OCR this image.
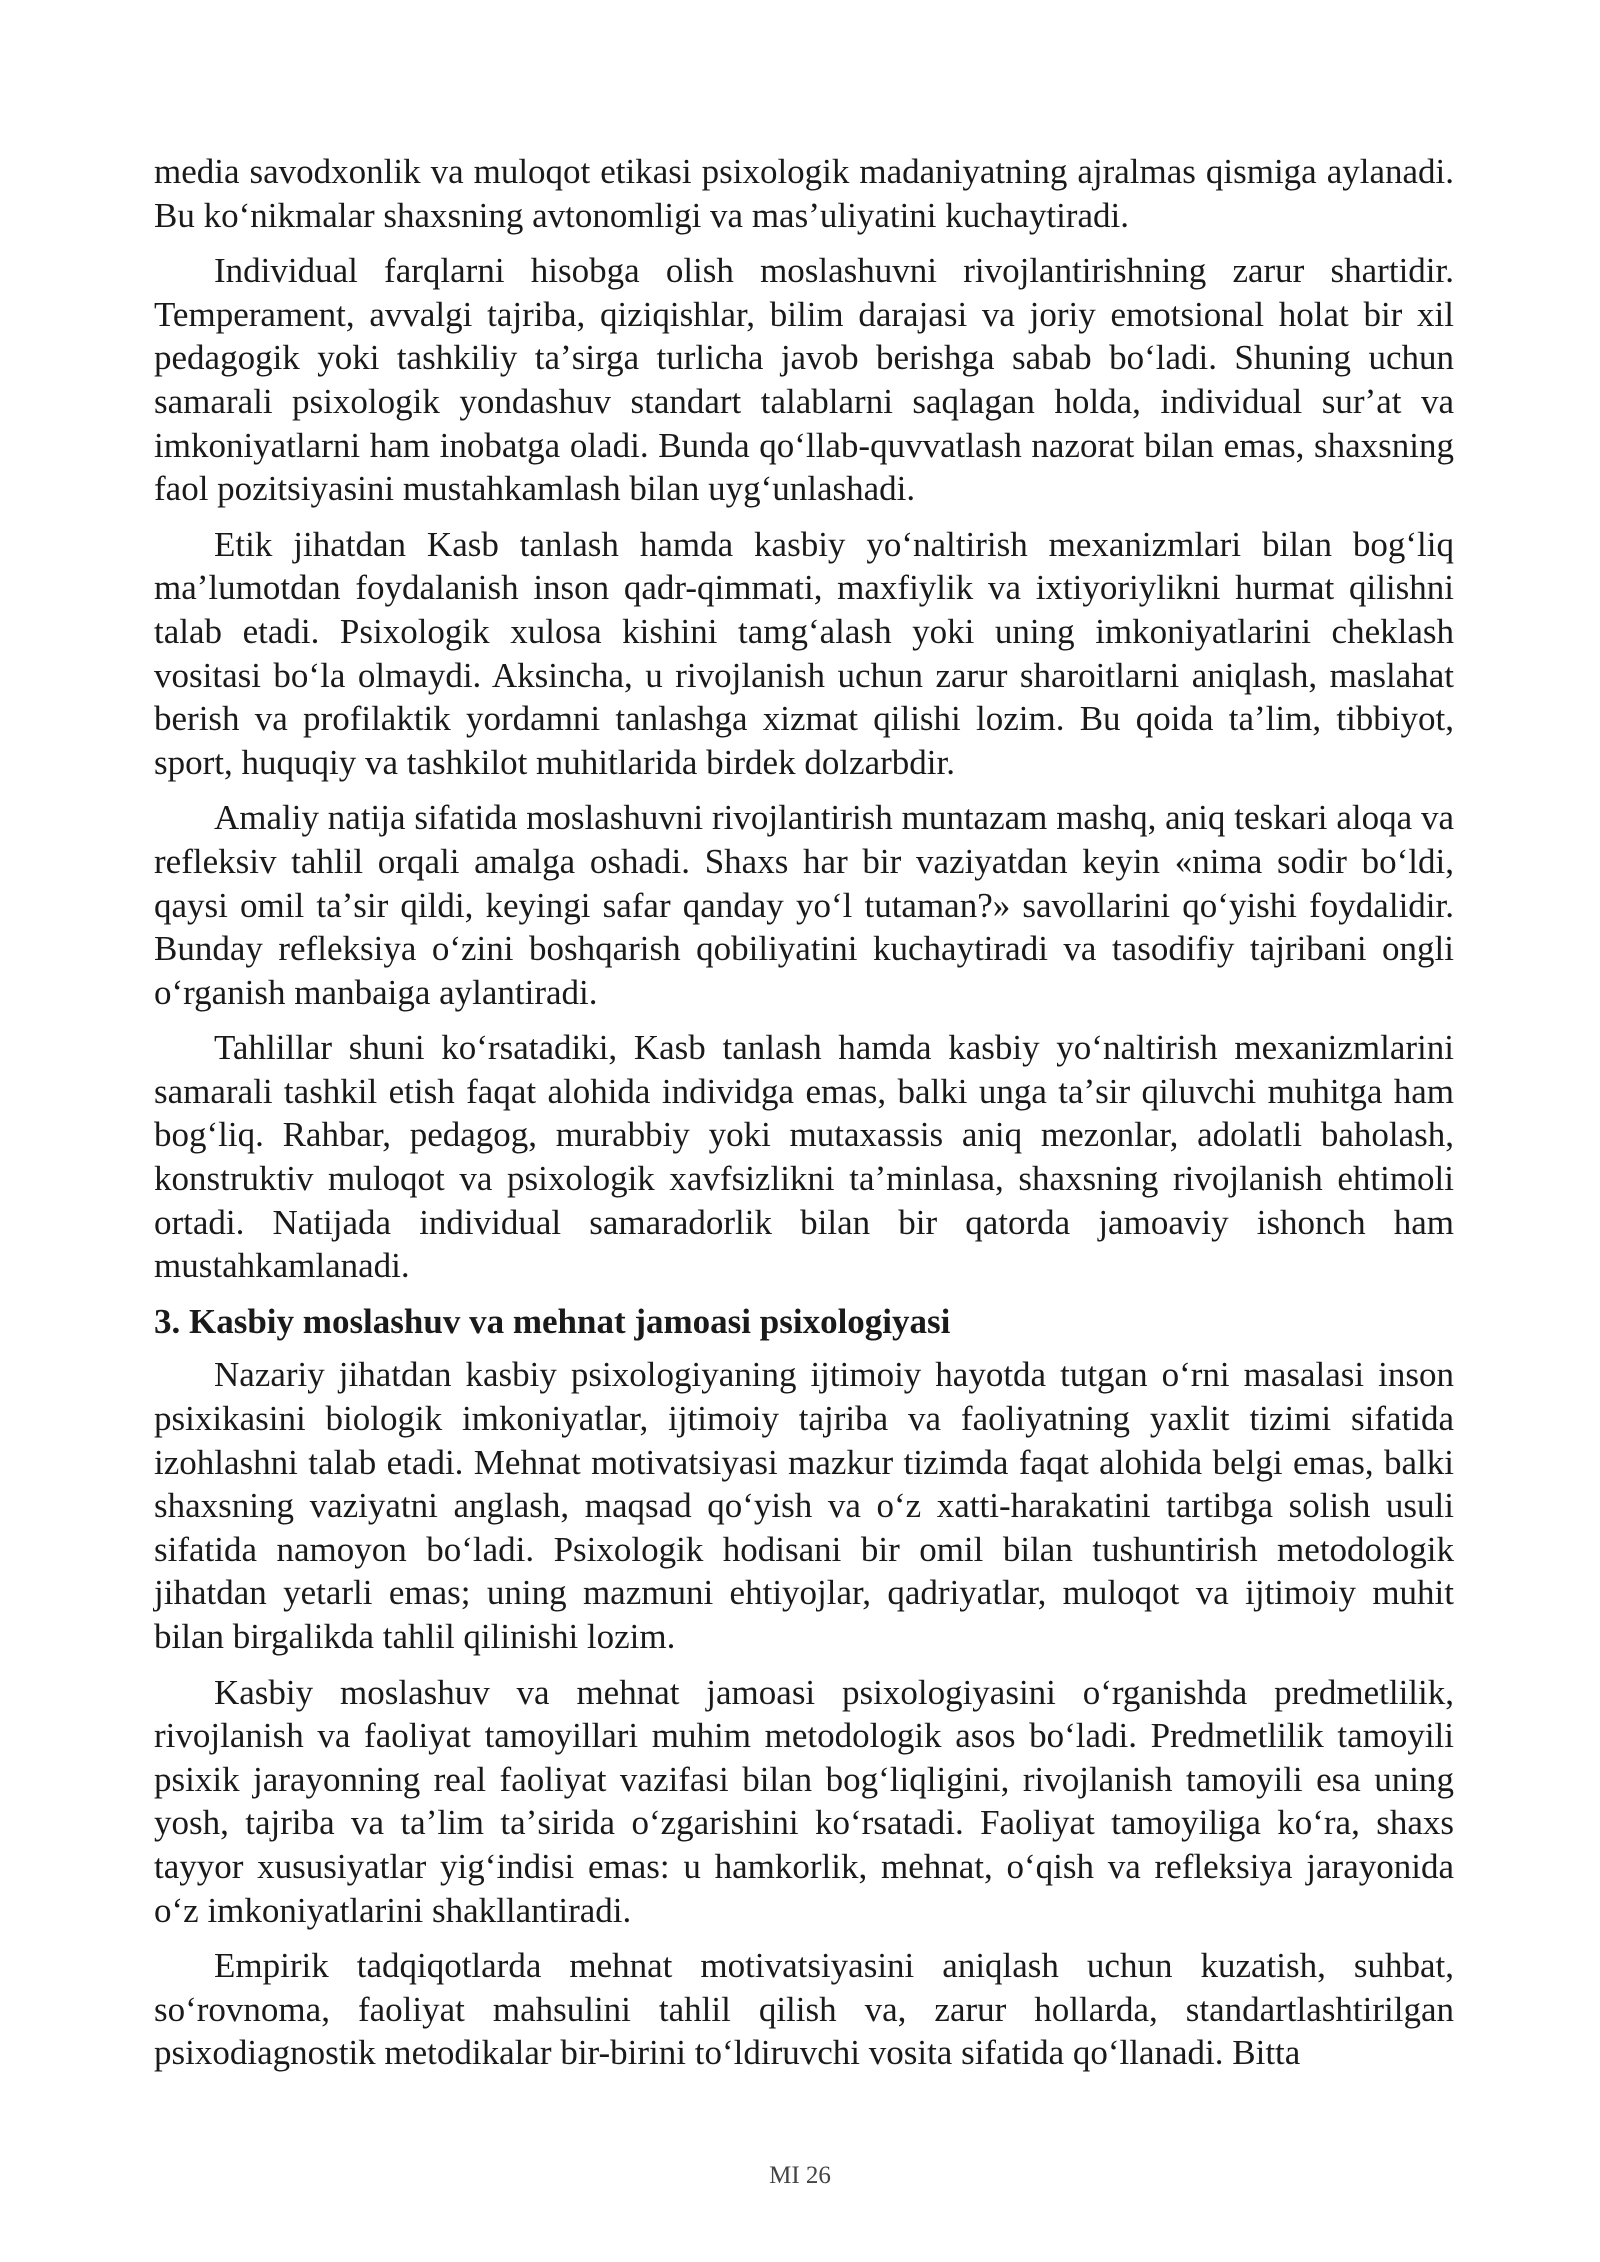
media savodxonlik va muloqot etikasi psixologik madaniyatning ajralmas qismiga aylanadi. Bu koʻnikmalar shaxsning avtonomligi va masʼuliyatini kuchaytiradi.

Individual farqlarni hisobga olish moslashuvni rivojlantirishning zarur shartidir. Temperament, avvalgi tajriba, qiziqishlar, bilim darajasi va joriy emotsional holat bir xil pedagogik yoki tashkiliy taʼsirga turlicha javob berishga sabab boʻladi. Shuning uchun samarali psixologik yondashuv standart talablarni saqlagan holda, individual surʼat va imkoniyatlarni ham inobatga oladi. Bunda qoʻllab-quvvatlash nazorat bilan emas, shaxsning faol pozitsiyasini mustahkamlash bilan uygʻunlashadi.

Etik jihatdan Kasb tanlash hamda kasbiy yoʻnaltirish mexanizmlari bilan bogʻliq maʼlumotdan foydalanish inson qadr-qimmati, maxfiylik va ixtiyoriylikni hurmat qilishni talab etadi. Psixologik xulosa kishini tamgʻalash yoki uning imkoniyatlarini cheklash vositasi boʻla olmaydi. Aksincha, u rivojlanish uchun zarur sharoitlarni aniqlash, maslahat berish va profilaktik yordamni tanlashga xizmat qilishi lozim. Bu qoida taʼlim, tibbiyot, sport, huquqiy va tashkilot muhitlarida birdek dolzarbdir.

Amaliy natija sifatida moslashuvni rivojlantirish muntazam mashq, aniq teskari aloqa va refleksiv tahlil orqali amalga oshadi. Shaxs har bir vaziyatdan keyin «nima sodir boʻldi, qaysi omil taʼsir qildi, keyingi safar qanday yoʻl tutaman?» savollarini qoʻyishi foydalidir. Bunday refleksiya oʻzini boshqarish qobiliyatini kuchaytiradi va tasodifiy tajribani ongli oʻrganish manbaiga aylantiradi.

Tahlillar shuni koʻrsatadiki, Kasb tanlash hamda kasbiy yoʻnaltirish mexanizmlarini samarali tashkil etish faqat alohida individga emas, balki unga taʼsir qiluvchi muhitga ham bogʻliq. Rahbar, pedagog, murabbiy yoki mutaxassis aniq mezonlar, adolatli baholash, konstruktiv muloqot va psixologik xavfsizlikni taʼminlasa, shaxsning rivojlanish ehtimoli ortadi. Natijada individual samaradorlik bilan bir qatorda jamoaviy ishonch ham mustahkamlanadi.

3. Kasbiy moslashuv va mehnat jamoasi psixologiyasi

Nazariy jihatdan kasbiy psixologiyaning ijtimoiy hayotda tutgan oʻrni masalasi inson psixikasini biologik imkoniyatlar, ijtimoiy tajriba va faoliyatning yaxlit tizimi sifatida izohlashni talab etadi. Mehnat motivatsiyasi mazkur tizimda faqat alohida belgi emas, balki shaxsning vaziyatni anglash, maqsad qoʻyish va oʻz xatti-harakatini tartibga solish usuli sifatida namoyon boʻladi. Psixologik hodisani bir omil bilan tushuntirish metodologik jihatdan yetarli emas; uning mazmuni ehtiyojlar, qadriyatlar, muloqot va ijtimoiy muhit bilan birgalikda tahlil qilinishi lozim.

Kasbiy moslashuv va mehnat jamoasi psixologiyasini oʻrganishda predmetlilik, rivojlanish va faoliyat tamoyillari muhim metodologik asos boʻladi. Predmetlilik tamoyili psixik jarayonning real faoliyat vazifasi bilan bogʻliqligini, rivojlanish tamoyili esa uning yosh, tajriba va taʼlim taʼsirida oʻzgarishini koʻrsatadi. Faoliyat tamoyiliga koʻra, shaxs tayyor xususiyatlar yigʻindisi emas: u hamkorlik, mehnat, oʻqish va refleksiya jarayonida oʻz imkoniyatlarini shakllantiradi.

Empirik tadqiqotlarda mehnat motivatsiyasini aniqlash uchun kuzatish, suhbat, soʻrovnoma, faoliyat mahsulini tahlil qilish va, zarur hollarda, standartlashtirilgan psixodiagnostik metodikalar bir-birini toʻldiruvchi vosita sifatida qoʻllanadi. Bitta

MI 26
